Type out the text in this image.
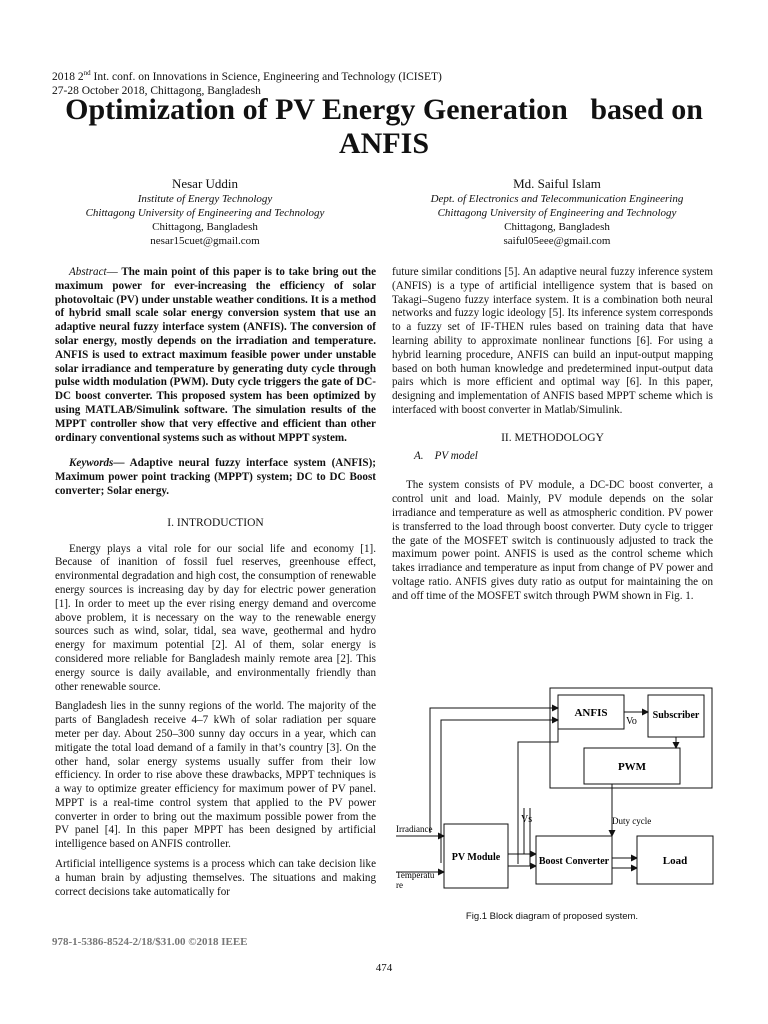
2018 2nd Int. conf. on Innovations in Science, Engineering and Technology (ICISET)
27-28 October 2018, Chittagong, Bangladesh
Optimization of PV Energy Generation   based on
ANFIS
Nesar Uddin
Institute of Energy Technology
Chittagong University of Engineering and Technology
Chittagong, Bangladesh
nesar15cuet@gmail.com
Md. Saiful Islam
Dept. of Electronics and Telecommunication Engineering
Chittagong University of Engineering and Technology
Chittagong, Bangladesh
saiful05eee@gmail.com

Abstract— The main point of this paper is to take bring out the maximum power for ever-increasing the efficiency of solar photovoltaic (PV) under unstable weather conditions. It is a method of hybrid small scale solar energy conversion system that use an adaptive neural fuzzy interface system (ANFIS). The conversion of solar energy, mostly depends on the irradiation and temperature. ANFIS is used to extract maximum feasible power under unstable solar irradiance and temperature by generating duty cycle through pulse width modulation (PWM). Duty cycle triggers the gate of DC-DC boost converter. This proposed system has been optimized by using MATLAB/Simulink software. The simulation results of the MPPT controller show that very effective and efficient than other ordinary conventional systems such as without MPPT system.

Keywords— Adaptive neural fuzzy interface system (ANFIS); Maximum power point tracking (MPPT) system; DC to DC Boost converter; Solar energy.

I. INTRODUCTION

Energy plays a vital role for our social life and economy [1]. Because of inanition of fossil fuel reserves, greenhouse effect, environmental degradation and high cost, the consumption of renewable energy sources is increasing day by day for electric power generation [1]. In order to meet up the ever rising energy demand and overcome above problem, it is necessary on the way to the renewable energy sources such as wind, solar, tidal, sea wave, geothermal and hydro energy for maximum potential [2]. Al of them, solar energy is considered more reliable for Bangladesh mainly remote area [2]. This energy source is daily available, and environmentally friendly than other renewable source.

Bangladesh lies in the sunny regions of the world. The majority of the parts of Bangladesh receive 4–7 kWh of solar radiation per square meter per day. About 250–300 sunny day occurs in a year, which can mitigate the total load demand of a family in that’s country [3]. On the other hand, solar energy systems usually suffer from their low efficiency. In order to rise above these drawbacks, MPPT techniques is a way to optimize greater efficiency for maximum power of PV panel. MPPT is a real-time control system that applied to the PV power converter in order to bring out the maximum possible power from the PV panel [4]. In this paper MPPT has been designed by artificial intelligence based on ANFIS controller.

Artificial intelligence systems is a process which can take decision like a human brain by adjusting themselves. The situations and making correct decisions take automatically for

future similar conditions [5]. An adaptive neural fuzzy inference system (ANFIS) is a type of artificial intelligence system that is based on Takagi–Sugeno fuzzy interface system. It is a combination both neural networks and fuzzy logic ideology [5]. Its inference system corresponds to a fuzzy set of IF-THEN rules based on training data that have learning ability to approximate nonlinear functions [6]. For using a hybrid learning procedure, ANFIS can build an input-output mapping based on both human knowledge and predetermined input-output data pairs which is more efficient and optimal way [6]. In this paper, designing and implementation of ANFIS based MPPT scheme which is interfaced with boost converter in Matlab/Simulink.

II. METHODOLOGY

A.    PV model

The system consists of PV module, a DC-DC boost converter, a control unit and load. Mainly, PV module depends on the solar irradiance and temperature as well as atmospheric condition. PV power is transferred to the load through boost converter. Duty cycle to trigger the gate of the MOSFET switch is continuously adjusted to track the maximum power point. ANFIS is used as the control scheme which takes irradiance and temperature as input from change of PV power and voltage ratio. ANFIS gives duty ratio as output for maintaining the on and off time of the MOSFET switch through PWM shown in Fig. 1.

ANFIS	Subscriber
Vo
PWM
Duty cycle
Vs
PV Module
Irradiance
Temperatu
re
Boost Converter	Load
Fig.1 Block diagram of proposed system.
978-1-5386-8524-2/18/$31.00 ©2018 IEEE
474
